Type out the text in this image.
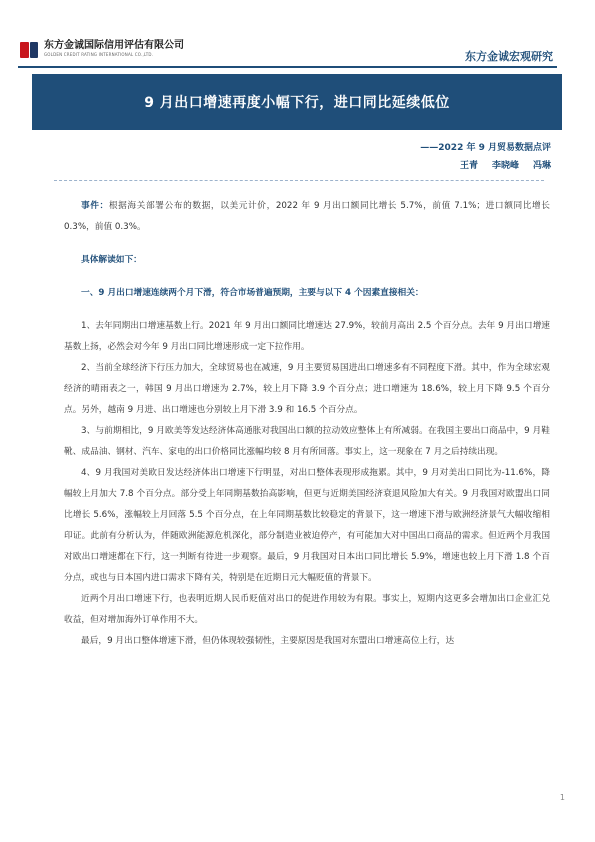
东方金诚国际信用评估有限公司
GOLDEN CREDIT RATING INTERNATIONAL CO.,LTD.	东方金诚宏观研究
9 月出口增速再度小幅下行，进口同比延续低位
——2022 年 9 月贸易数据点评
王青 李晓峰 冯琳

事件：根据海关部署公布的数据，以美元计价，2022 年 9 月出口额同比增长 5.7%，前值 7.1%；进口额同比增长 0.3%，前值 0.3%。

具体解读如下：

一、9 月出口增速连续两个月下滑，符合市场普遍预期，主要与以下 4 个因素直接相关：

1、去年同期出口增速基数上行。2021 年 9 月出口额同比增速达 27.9%，较前月高出 2.5 个百分点。去年 9 月出口增速基数上扬，必然会对今年 9 月出口同比增速形成一定下拉作用。

2、当前全球经济下行压力加大，全球贸易也在减速，9 月主要贸易国进出口增速多有不同程度下滑。其中，作为全球宏观经济的晴雨表之一，韩国 9 月出口增速为 2.7%，较上月下降 3.9 个百分点；进口增速为 18.6%，较上月下降 9.5 个百分点。另外，越南 9 月进、出口增速也分别较上月下滑 3.9 和 16.5 个百分点。

3、与前期相比，9 月欧美等发达经济体高通胀对我国出口额的拉动效应整体上有所减弱。在我国主要出口商品中，9 月鞋靴、成品油、钢材、汽车、家电的出口价格同比涨幅均较 8 月有所回落。事实上，这一现象在 7 月之后持续出现。

4、9 月我国对美欧日发达经济体出口增速下行明显，对出口整体表现形成拖累。其中，9 月对美出口同比为-11.6%，降幅较上月加大 7.8 个百分点。部分受上年同期基数抬高影响，但更与近期美国经济衰退风险加大有关。9 月我国对欧盟出口同比增长 5.6%，涨幅较上月回落 5.5 个百分点，在上年同期基数比较稳定的背景下，这一增速下滑与欧洲经济景气大幅收缩相印证。此前有分析认为，伴随欧洲能源危机深化，部分制造业被迫停产，有可能加大对中国出口商品的需求。但近两个月我国对欧出口增速都在下行，这一判断有待进一步观察。最后，9 月我国对日本出口同比增长 5.9%，增速也较上月下滑 1.8 个百分点，或也与日本国内进口需求下降有关，特别是在近期日元大幅贬值的背景下。

近两个月出口增速下行，也表明近期人民币贬值对出口的促进作用较为有限。事实上，短期内这更多会增加出口企业汇兑收益，但对增加海外订单作用不大。

最后，9 月出口整体增速下滑，但仍体现较强韧性，主要原因是我国对东盟出口增速高位上行，达

1
